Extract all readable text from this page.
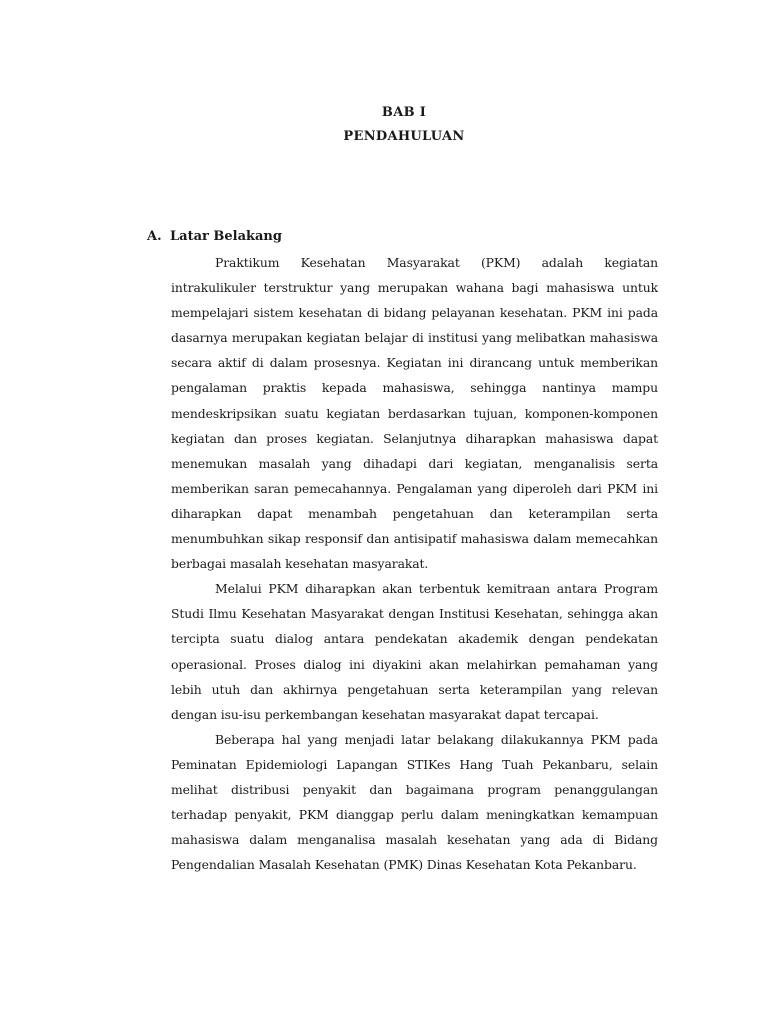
BAB I
PENDAHULUAN
A. Latar Belakang

Praktikum Kesehatan Masyarakat (PKM) adalah kegiatan intrakulikuler terstruktur yang merupakan wahana bagi mahasiswa untuk mempelajari sistem kesehatan di bidang pelayanan kesehatan. PKM ini pada dasarnya merupakan kegiatan belajar di institusi yang melibatkan mahasiswa secara aktif di dalam prosesnya. Kegiatan ini dirancang untuk memberikan pengalaman praktis kepada mahasiswa, sehingga nantinya mampu mendeskripsikan suatu kegiatan berdasarkan tujuan, komponen-komponen kegiatan dan proses kegiatan. Selanjutnya diharapkan mahasiswa dapat menemukan masalah yang dihadapi dari kegiatan, menganalisis serta memberikan saran pemecahannya. Pengalaman yang diperoleh dari PKM ini diharapkan dapat menambah pengetahuan dan keterampilan serta menumbuhkan sikap responsif dan antisipatif mahasiswa dalam memecahkan berbagai masalah kesehatan masyarakat.

Melalui PKM diharapkan akan terbentuk kemitraan antara Program Studi Ilmu Kesehatan Masyarakat dengan Institusi Kesehatan, sehingga akan tercipta suatu dialog antara pendekatan akademik dengan pendekatan operasional. Proses dialog ini diyakini akan melahirkan pemahaman yang lebih utuh dan akhirnya pengetahuan serta keterampilan yang relevan dengan isu-isu perkembangan kesehatan masyarakat dapat tercapai.

Beberapa hal yang menjadi latar belakang dilakukannya PKM pada Peminatan Epidemiologi Lapangan STIKes Hang Tuah Pekanbaru, selain melihat distribusi penyakit dan bagaimana program penanggulangan terhadap penyakit, PKM dianggap perlu dalam meningkatkan kemampuan mahasiswa dalam menganalisa masalah kesehatan yang ada di Bidang Pengendalian Masalah Kesehatan (PMK) Dinas Kesehatan Kota Pekanbaru.
